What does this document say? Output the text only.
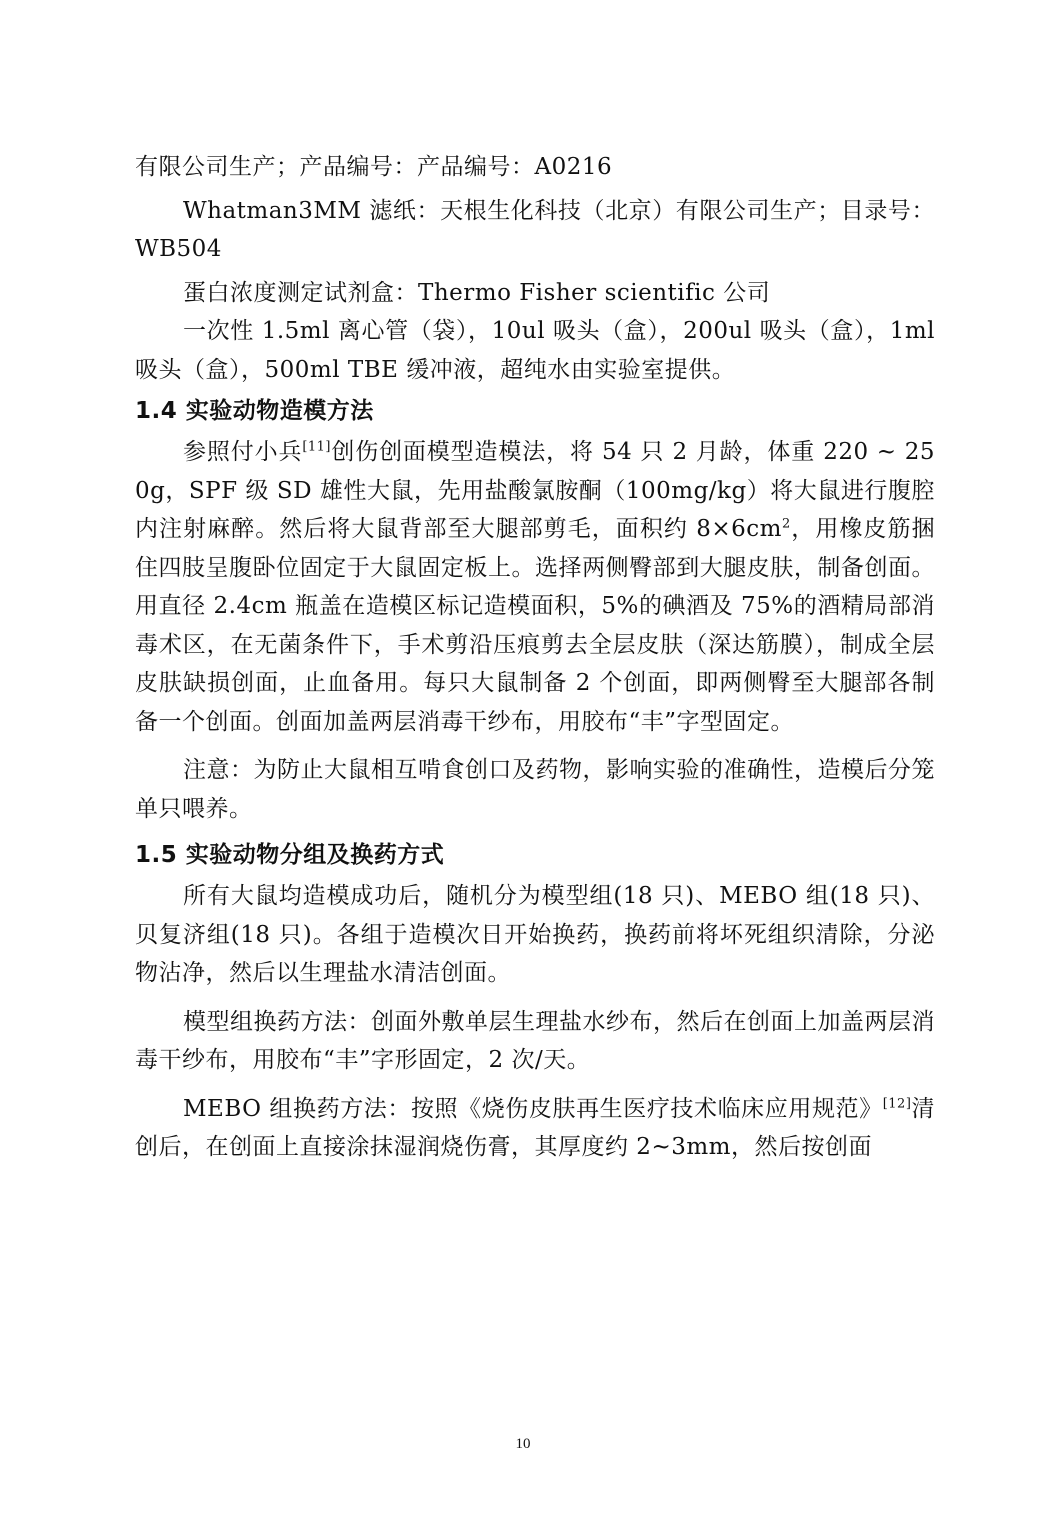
有限公司生产；产品编号：产品编号：A0216

Whatman3MM 滤纸：天根生化科技（北京）有限公司生产；目录号：WB504

蛋白浓度测定试剂盒：Thermo Fisher scientific 公司

一次性 1.5ml 离心管（袋），10ul 吸头（盒），200ul 吸头（盒），1ml 吸头（盒），500ml TBE 缓冲液，超纯水由实验室提供。

1.4 实验动物造模方法

参照付小兵[11]创伤创面模型造模法，将 54 只 2 月龄，体重 220 ~ 250g，SPF 级 SD 雄性大鼠，先用盐酸氯胺酮（100mg/kg）将大鼠进行腹腔内注射麻醉。然后将大鼠背部至大腿部剪毛，面积约 $8\times 6cm^2$，用橡皮筋捆住四肢呈腹卧位固定于大鼠固定板上。选择两侧臀部到大腿皮肤，制备创面。用直径 2.4cm 瓶盖在造模区标记造模面积，5%的碘酒及 75%的酒精局部消毒术区，在无菌条件下，手术剪沿压痕剪去全层皮肤（深达筋膜），制成全层皮肤缺损创面，止血备用。每只大鼠制备 2 个创面，即两侧臀至大腿部各制备一个创面。创面加盖两层消毒干纱布，用胶布“丰”字型固定。

注意：为防止大鼠相互啃食创口及药物，影响实验的准确性，造模后分笼单只喂养。

1.5 实验动物分组及换药方式

所有大鼠均造模成功后，随机分为模型组(18 只)、MEBO 组(18 只)、贝复济组(18 只)。各组于造模次日开始换药，换药前将坏死组织清除，分泌物沾净，然后以生理盐水清洁创面。

模型组换药方法：创面外敷单层生理盐水纱布，然后在创面上加盖两层消毒干纱布，用胶布“丰”字形固定，2 次/天。

MEBO 组换药方法：按照《烧伤皮肤再生医疗技术临床应用规范》[12]清创后，在创面上直接涂抹湿润烧伤膏，其厚度约 2~3mm，然后按创面

10
